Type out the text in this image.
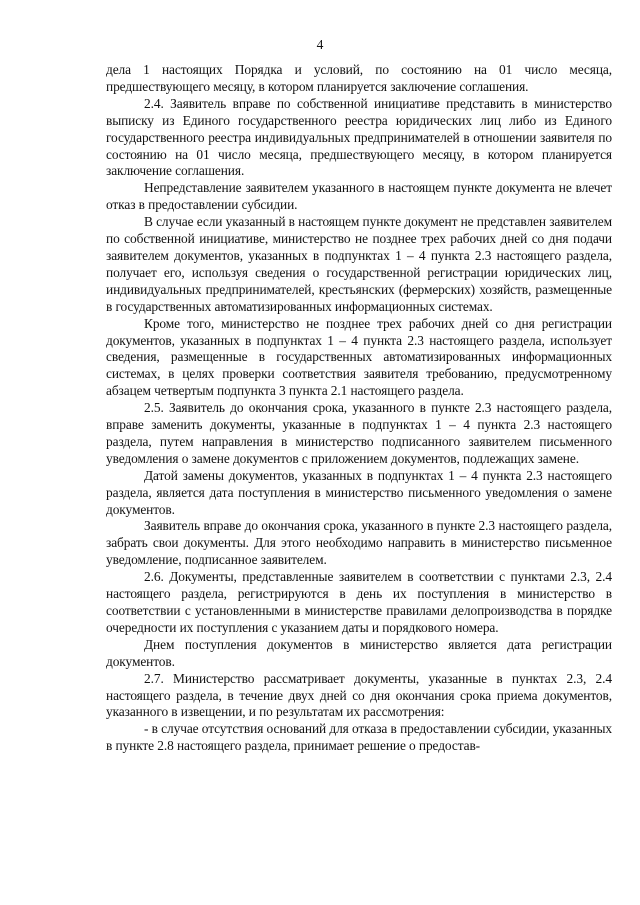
4

дела 1 настоящих Порядка и условий, по состоянию на 01 число месяца, предшествующего месяцу, в котором планируется заключение соглашения.

2.4. Заявитель вправе по собственной инициативе представить в министерство выписку из Единого государственного реестра юридических лиц либо из Единого государственного реестра индивидуальных предпринимателей в отношении заявителя по состоянию на 01 число месяца, предшествующего месяцу, в котором планируется заключение соглашения.

Непредставление заявителем указанного в настоящем пункте документа не влечет отказ в предоставлении субсидии.

В случае если указанный в настоящем пункте документ не представлен заявителем по собственной инициативе, министерство не позднее трех рабочих дней со дня подачи заявителем документов, указанных в подпунктах 1 – 4 пункта 2.3 настоящего раздела, получает его, используя сведения о государственной регистрации юридических лиц, индивидуальных предпринимателей, крестьянских (фермерских) хозяйств, размещенные в государственных автоматизированных информационных системах.

Кроме того, министерство не позднее трех рабочих дней со дня регистрации документов, указанных в подпунктах 1 – 4 пункта 2.3 настоящего раздела, использует сведения, размещенные в государственных автоматизированных информационных системах, в целях проверки соответствия заявителя требованию, предусмотренному абзацем четвертым подпункта 3 пункта 2.1 настоящего раздела.

2.5. Заявитель до окончания срока, указанного в пункте 2.3 настоящего раздела, вправе заменить документы, указанные в подпунктах 1 – 4 пункта 2.3 настоящего раздела, путем направления в министерство подписанного заявителем письменного уведомления о замене документов с приложением документов, подлежащих замене.

Датой замены документов, указанных в подпунктах 1 – 4 пункта 2.3 настоящего раздела, является дата поступления в министерство письменного уведомления о замене документов.

Заявитель вправе до окончания срока, указанного в пункте 2.3 настоящего раздела, забрать свои документы. Для этого необходимо направить в министерство письменное уведомление, подписанное заявителем.

2.6. Документы, представленные заявителем в соответствии с пунктами 2.3, 2.4 настоящего раздела, регистрируются в день их поступления в министерство в соответствии с установленными в министерстве правилами делопроизводства в порядке очередности их поступления с указанием даты и порядкового номера.

Днем поступления документов в министерство является дата регистрации документов.

2.7. Министерство рассматривает документы, указанные в пунктах 2.3, 2.4 настоящего раздела, в течение двух дней со дня окончания срока приема документов, указанного в извещении, и по результатам их рассмотрения:

- в случае отсутствия оснований для отказа в предоставлении субсидии, указанных в пункте 2.8 настоящего раздела, принимает решение о предостав-
